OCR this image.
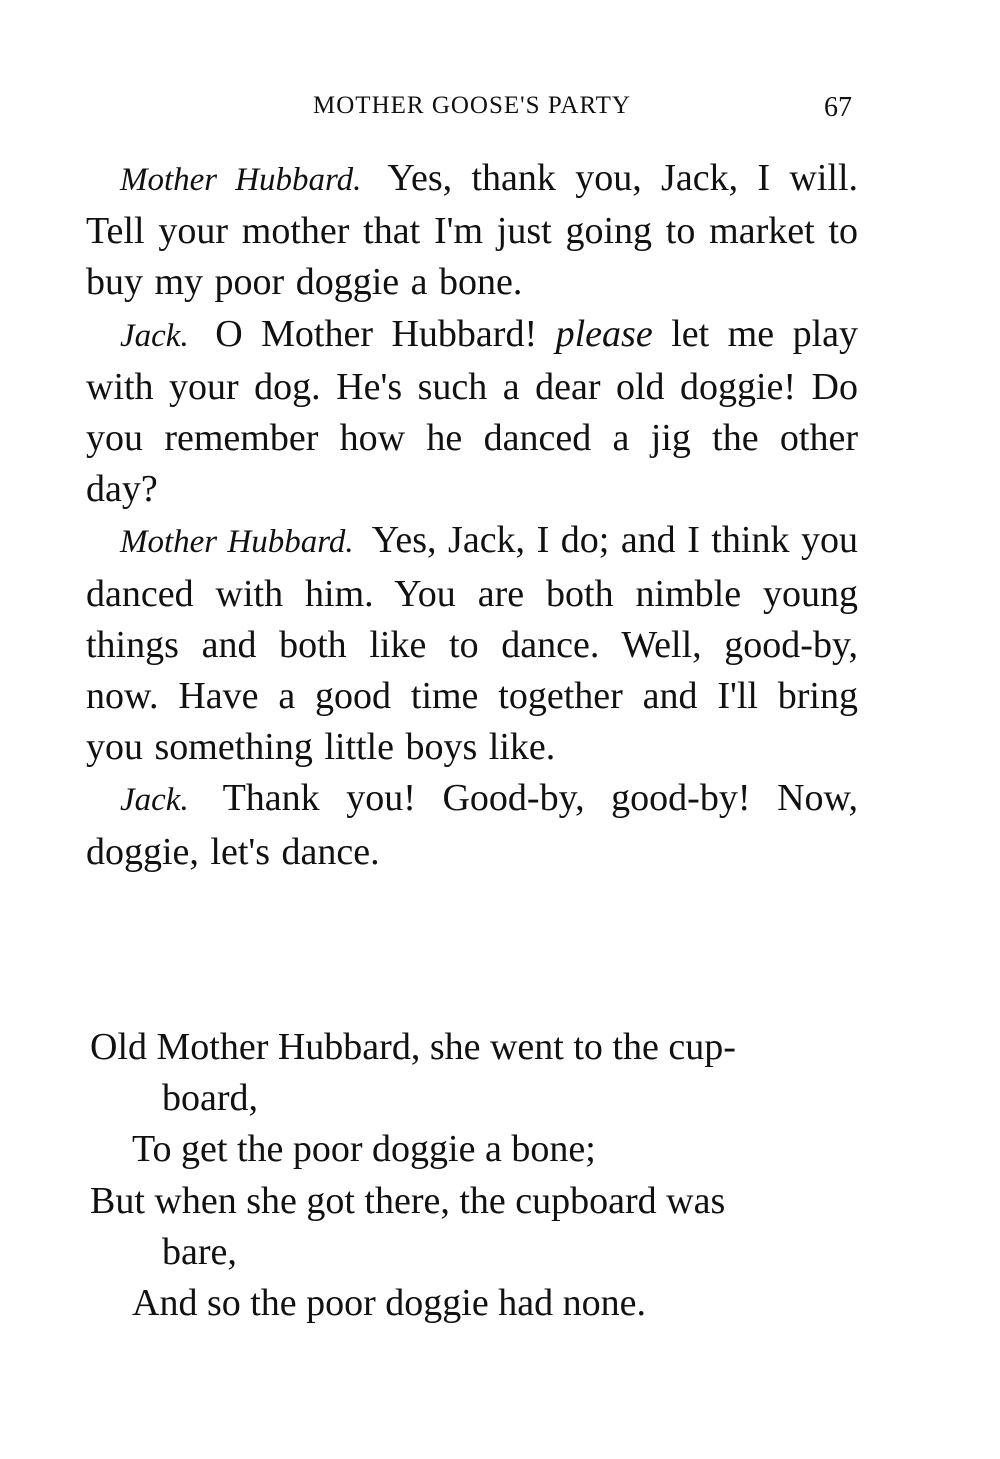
MOTHER GOOSE'S PARTY	67

Mother Hubbard. Yes, thank you, Jack, I will. Tell your mother that I'm just going to market to buy my poor doggie a bone.

Jack. O Mother Hubbard! please let me play with your dog. He's such a dear old doggie! Do you remember how he danced a jig the other day?

Mother Hubbard. Yes, Jack, I do; and I think you danced with him. You are both nimble young things and both like to dance. Well, good-by, now. Have a good time together and I'll bring you something little boys like.

Jack. Thank you! Good-by, good-by! Now, doggie, let's dance.

Old Mother Hubbard, she went to the cup-
board,
To get the poor doggie a bone;
But when she got there, the cupboard was
bare,
And so the poor doggie had none.
